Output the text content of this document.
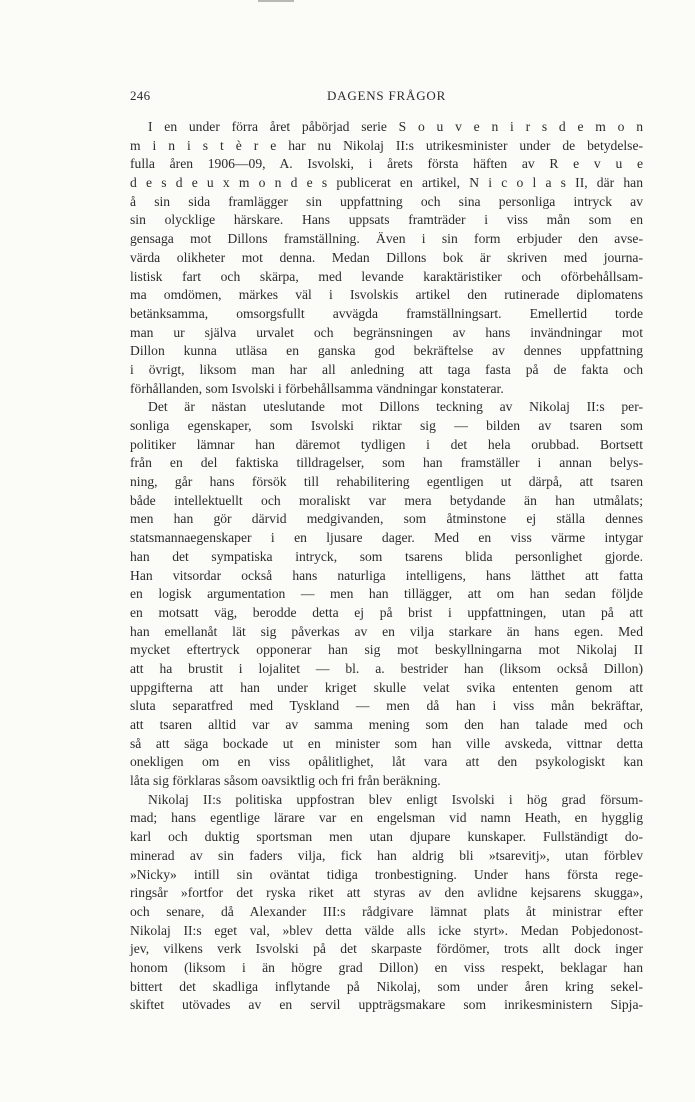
246	DAGENS FRÅGOR
I en under förra året påbörjad serie S o u v e n i r s d e m o n
m i n i s t è r e har nu Nikolaj II:s utrikesminister under de betydelse-
fulla åren 1906—09, A. Isvolski, i årets första häften av R e v u e
d e s d e u x m o n d e s publicerat en artikel, N i c o l a s II, där han
å sin sida framlägger sin uppfattning och sina personliga intryck av
sin olycklige härskare. Hans uppsats framträder i viss mån som en
gensaga mot Dillons framställning. Även i sin form erbjuder den avse-
värda olikheter mot denna. Medan Dillons bok är skriven med journa-
listisk fart och skärpa, med levande karaktäristiker och oförbehållsam-
ma omdömen, märkes väl i Isvolskis artikel den rutinerade diplomatens
betänksamma, omsorgsfullt avvägda framställningsart. Emellertid torde
man ur själva urvalet och begränsningen av hans invändningar mot
Dillon kunna utläsa en ganska god bekräftelse av dennes uppfattning
i övrigt, liksom man har all anledning att taga fasta på de fakta och
förhållanden, som Isvolski i förbehållsamma vändningar konstaterar.
Det är nästan uteslutande mot Dillons teckning av Nikolaj II:s per-
sonliga egenskaper, som Isvolski riktar sig — bilden av tsaren som
politiker lämnar han däremot tydligen i det hela orubbad. Bortsett
från en del faktiska tilldragelser, som han framställer i annan belys-
ning, går hans försök till rehabilitering egentligen ut därpå, att tsaren
både intellektuellt och moraliskt var mera betydande än han utmålats;
men han gör därvid medgivanden, som åtminstone ej ställa dennes
statsmannaegenskaper i en ljusare dager. Med en viss värme intygar
han det sympatiska intryck, som tsarens blida personlighet gjorde.
Han vitsordar också hans naturliga intelligens, hans lätthet att fatta
en logisk argumentation — men han tillägger, att om han sedan följde
en motsatt väg, berodde detta ej på brist i uppfattningen, utan på att
han emellanåt lät sig påverkas av en vilja starkare än hans egen. Med
mycket eftertryck opponerar han sig mot beskyllningarna mot Nikolaj II
att ha brustit i lojalitet — bl. a. bestrider han (liksom också Dillon)
uppgifterna att han under kriget skulle velat svika ententen genom att
sluta separatfred med Tyskland — men då han i viss mån bekräftar,
att tsaren alltid var av samma mening som den han talade med och
så att säga bockade ut en minister som han ville avskeda, vittnar detta
onekligen om en viss opålitlighet, låt vara att den psykologiskt kan
låta sig förklaras såsom oavsiktlig och fri från beräkning.
Nikolaj II:s politiska uppfostran blev enligt Isvolski i hög grad försum-
mad; hans egentlige lärare var en engelsman vid namn Heath, en hygglig
karl och duktig sportsman men utan djupare kunskaper. Fullständigt do-
minerad av sin faders vilja, fick han aldrig bli »tsarevitj», utan förblev
»Nicky» intill sin oväntat tidiga tronbestigning. Under hans första rege-
ringsår »fortfor det ryska riket att styras av den avlidne kejsarens skugga»,
och senare, då Alexander III:s rådgivare lämnat plats åt ministrar efter
Nikolaj II:s eget val, »blev detta välde alls icke styrt». Medan Pobjedonost-
jev, vilkens verk Isvolski på det skarpaste fördömer, trots allt dock inger
honom (liksom i än högre grad Dillon) en viss respekt, beklagar han
bittert det skadliga inflytande på Nikolaj, som under åren kring sekel-
skiftet utövades av en servil uppträgsmakare som inrikesministern Sipja-
